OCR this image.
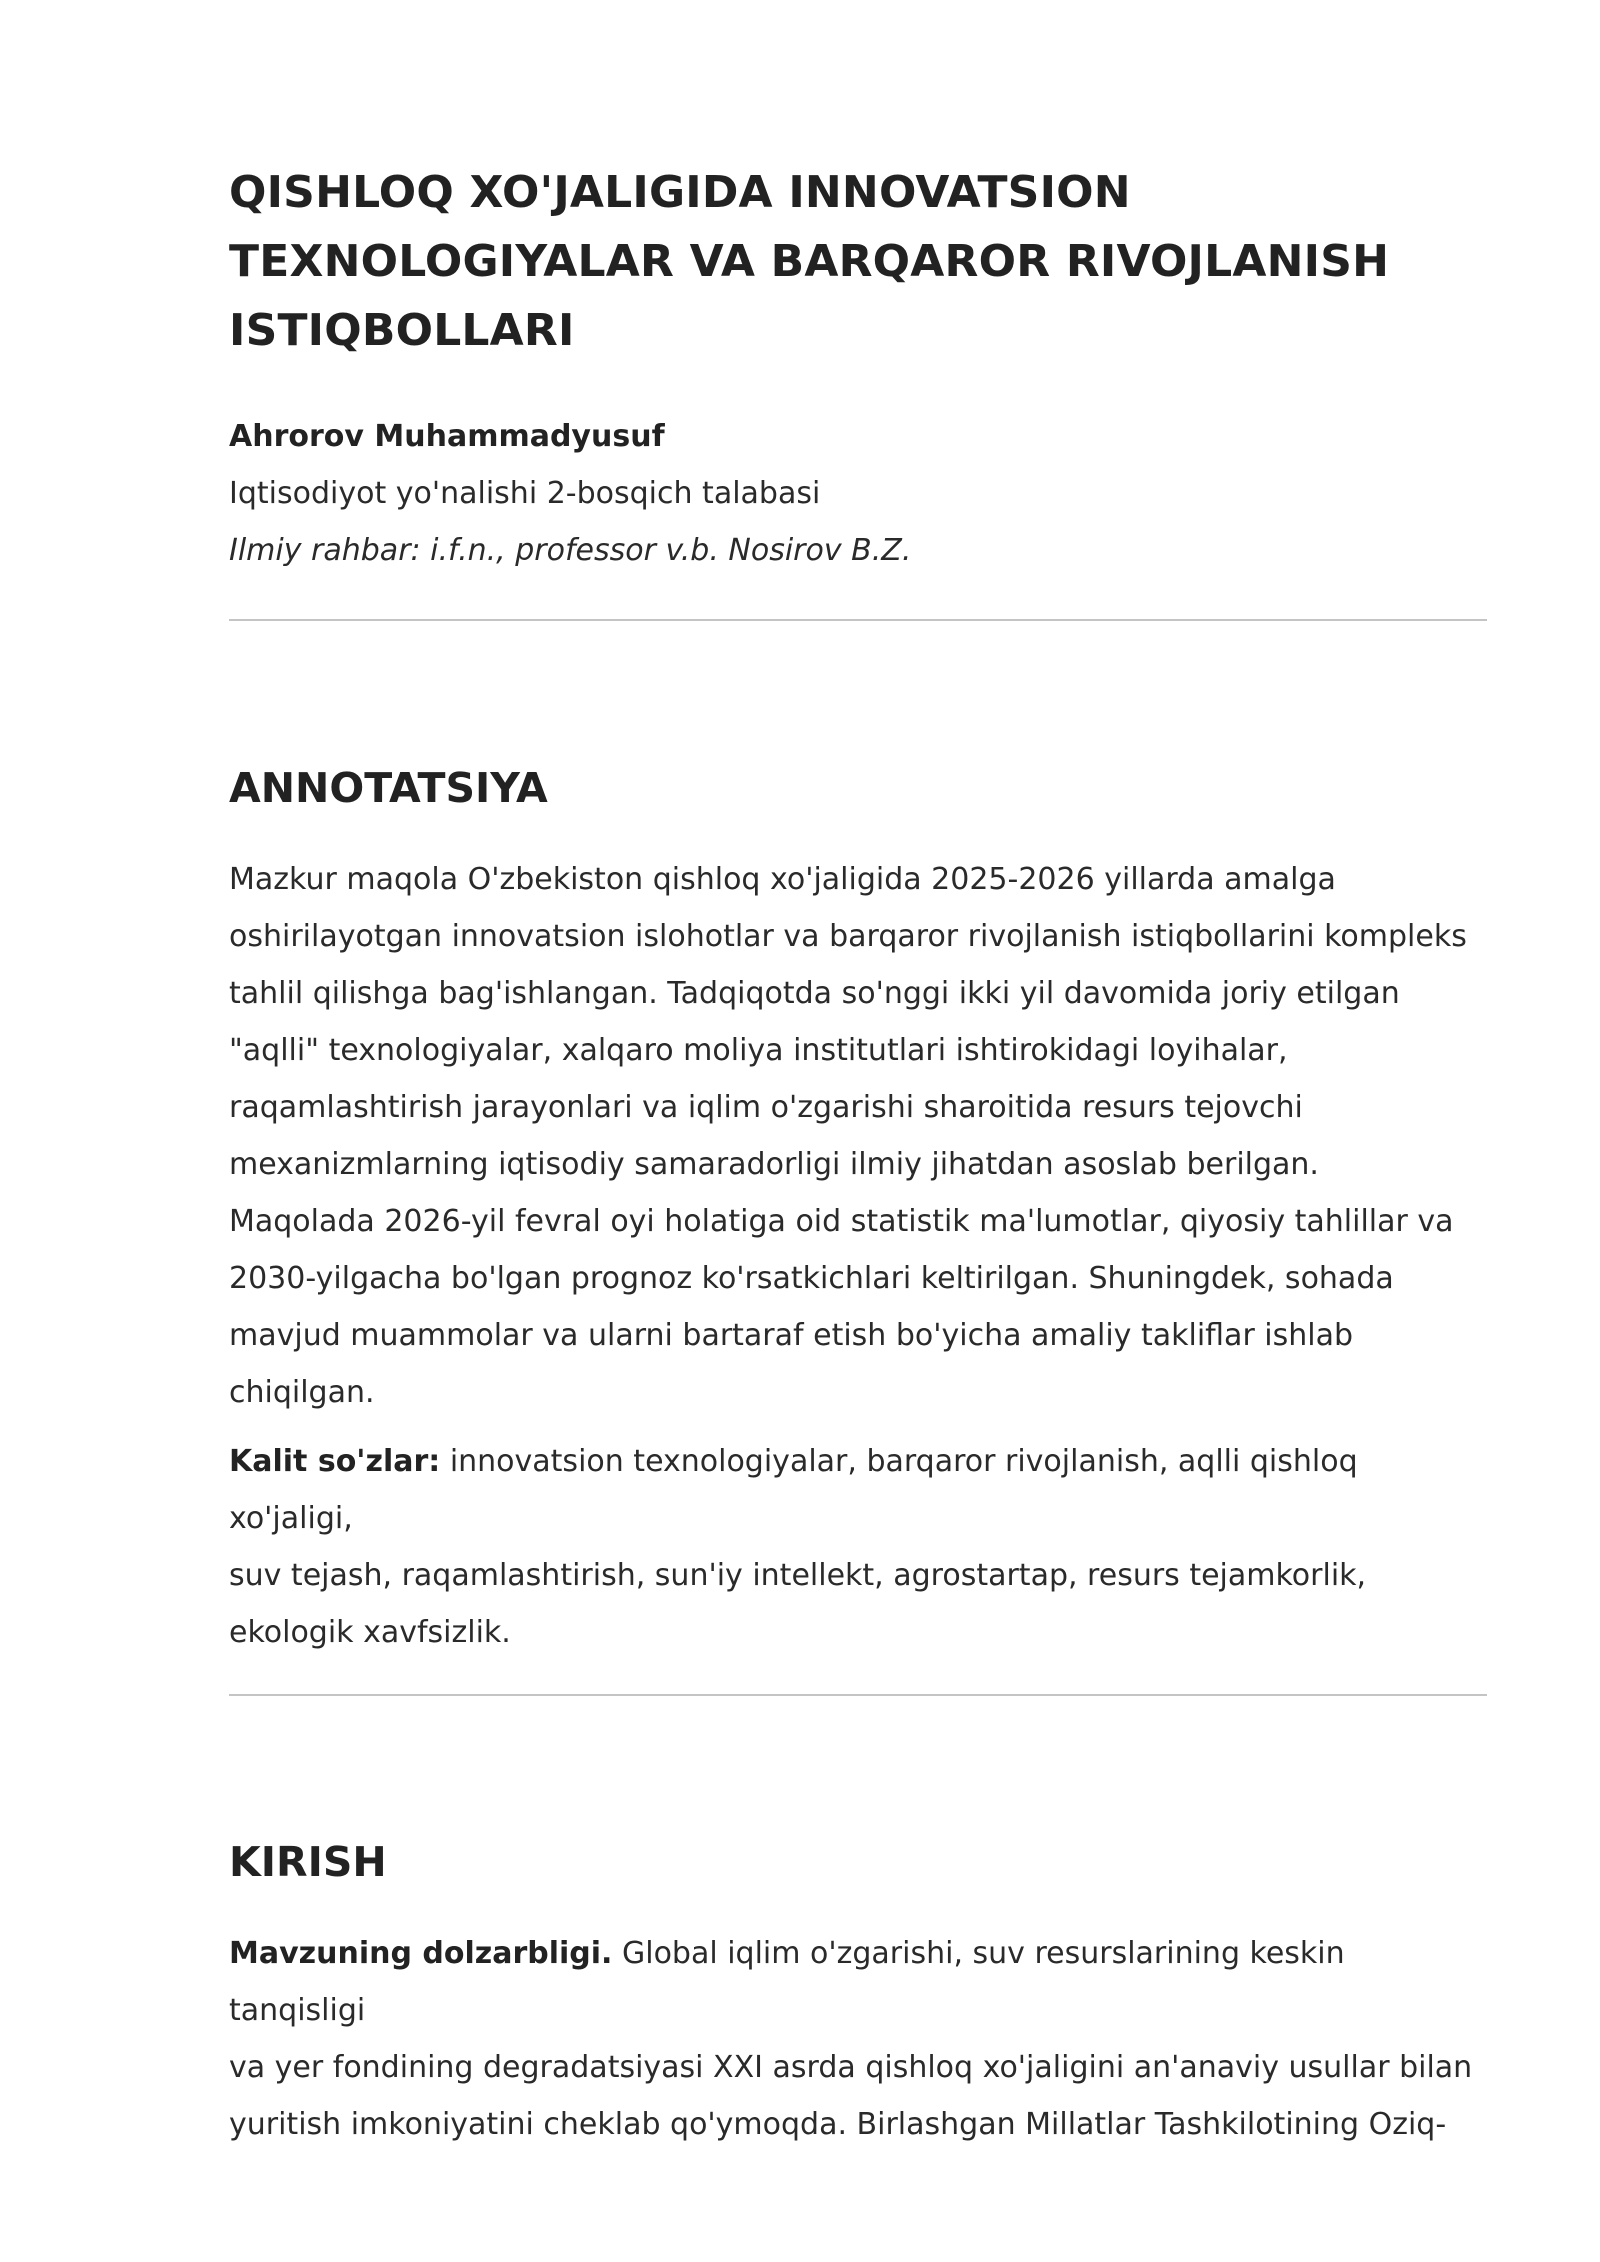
QISHLOQ XO'JALIGIDA INNOVATSION
TEXNOLOGIYALAR VA BARQAROR RIVOJLANISH
ISTIQBOLLARI
Ahrorov Muhammadyusuf
Iqtisodiyot yo'nalishi 2-bosqich talabasi
Ilmiy rahbar: i.f.n., professor v.b. Nosirov B.Z.
ANNOTATSIYA

Mazkur maqola O'zbekiston qishloq xo'jaligida 2025-2026 yillarda amalga
oshirilayotgan innovatsion islohotlar va barqaror rivojlanish istiqbollarini kompleks
tahlil qilishga bag'ishlangan. Tadqiqotda so'nggi ikki yil davomida joriy etilgan
"aqlli" texnologiyalar, xalqaro moliya institutlari ishtirokidagi loyihalar,
raqamlashtirish jarayonlari va iqlim o'zgarishi sharoitida resurs tejovchi
mexanizmlarning iqtisodiy samaradorligi ilmiy jihatdan asoslab berilgan.
Maqolada 2026-yil fevral oyi holatiga oid statistik ma'lumotlar, qiyosiy tahlillar va
2030-yilgacha bo'lgan prognoz ko'rsatkichlari keltirilgan. Shuningdek, sohada
mavjud muammolar va ularni bartaraf etish bo'yicha amaliy takliflar ishlab
chiqilgan.

Kalit so'zlar: innovatsion texnologiyalar, barqaror rivojlanish, aqlli qishloq xo'jaligi,
suv tejash, raqamlashtirish, sun'iy intellekt, agrostartap, resurs tejamkorlik,
ekologik xavfsizlik.

KIRISH

Mavzuning dolzarbligi. Global iqlim o'zgarishi, suv resurslarining keskin tanqisligi
va yer fondining degradatsiyasi XXI asrda qishloq xo'jaligini an'anaviy usullar bilan
yuritish imkoniyatini cheklab qo'ymoqda. Birlashgan Millatlar Tashkilotining Oziq-
